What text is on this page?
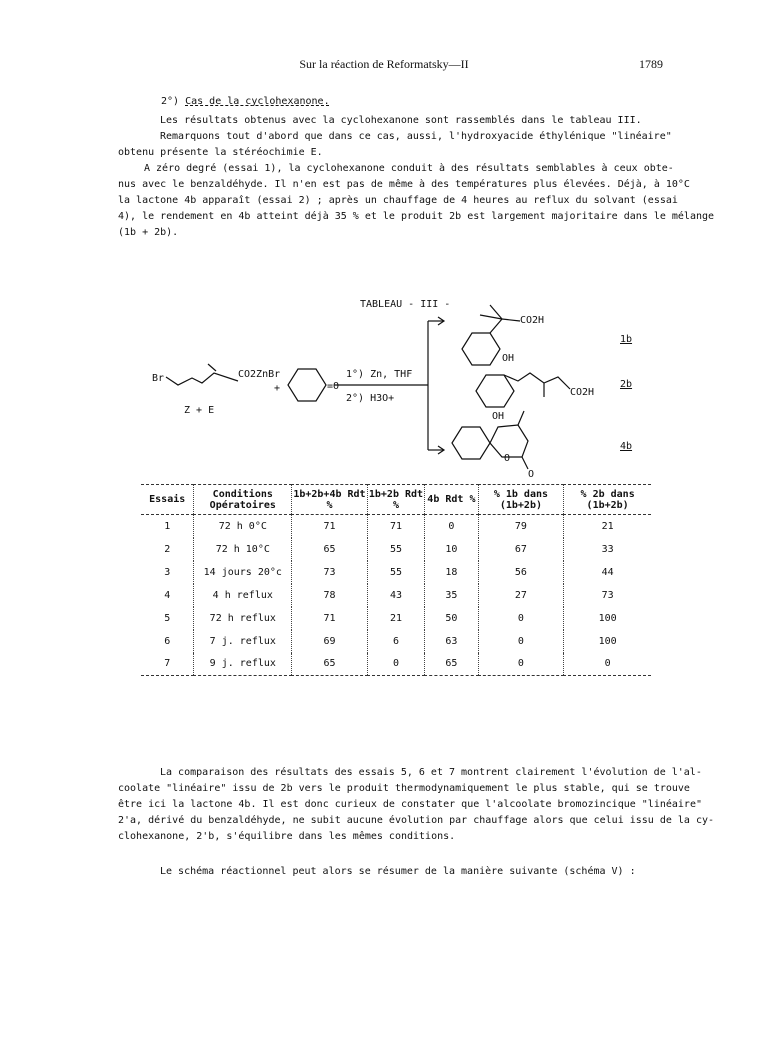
Sur la réaction de Reformatsky—II	1789
2°) Cas de la cyclohexanone.
Les résultats obtenus avec la cyclohexanone sont rassemblés dans le tableau III.
Remarquons tout d'abord que dans ce cas, aussi, l'hydroxyacide éthylénique "linéaire"
obtenu présente la stéréochimie E.
A zéro degré (essai 1), la cyclohexanone conduit à des résultats semblables à ceux obte-
nus avec le benzaldéhyde. Il n'en est pas de même à des températures plus élevées. Déjà, à 10°C
la lactone 4b apparaît (essai 2) ; après un chauffage de 4 heures au reflux du solvant (essai
4), le rendement en 4b atteint déjà 35 % et le produit 2b est largement majoritaire dans le mélange
(1b + 2b).
TABLEAU - III -
Br	CO2ZnBr
+	=O
Z + E
1°) Zn, THF
2°) H3O+
CO2H
OH
1b
CO2H
OH
2b
O
O
4b
Essais	Conditions Opératoires	1b+2b+4b Rdt %	1b+2b Rdt %	4b Rdt %	% 1b dans (1b+2b)	% 2b dans (1b+2b)
1	72 h 0°C	71	71	0	79	21
2	72 h 10°C	65	55	10	67	33
3	14 jours 20°c	73	55	18	56	44
4	4 h reflux	78	43	35	27	73
5	72 h reflux	71	21	50	0	100
6	7 j. reflux	69	6	63	0	100
7	9 j. reflux	65	0	65	0	0
La comparaison des résultats des essais 5, 6 et 7 montrent clairement l'évolution de l'al-
coolate "linéaire" issu de 2b vers le produit thermodynamiquement le plus stable, qui se trouve
être ici la lactone 4b. Il est donc curieux de constater que l'alcoolate bromozincique "linéaire"
2'a, dérivé du benzaldéhyde, ne subit aucune évolution par chauffage alors que celui issu de la cy-
clohexanone, 2'b, s'équilibre dans les mêmes conditions.
Le schéma réactionnel peut alors se résumer de la manière suivante (schéma V) :
